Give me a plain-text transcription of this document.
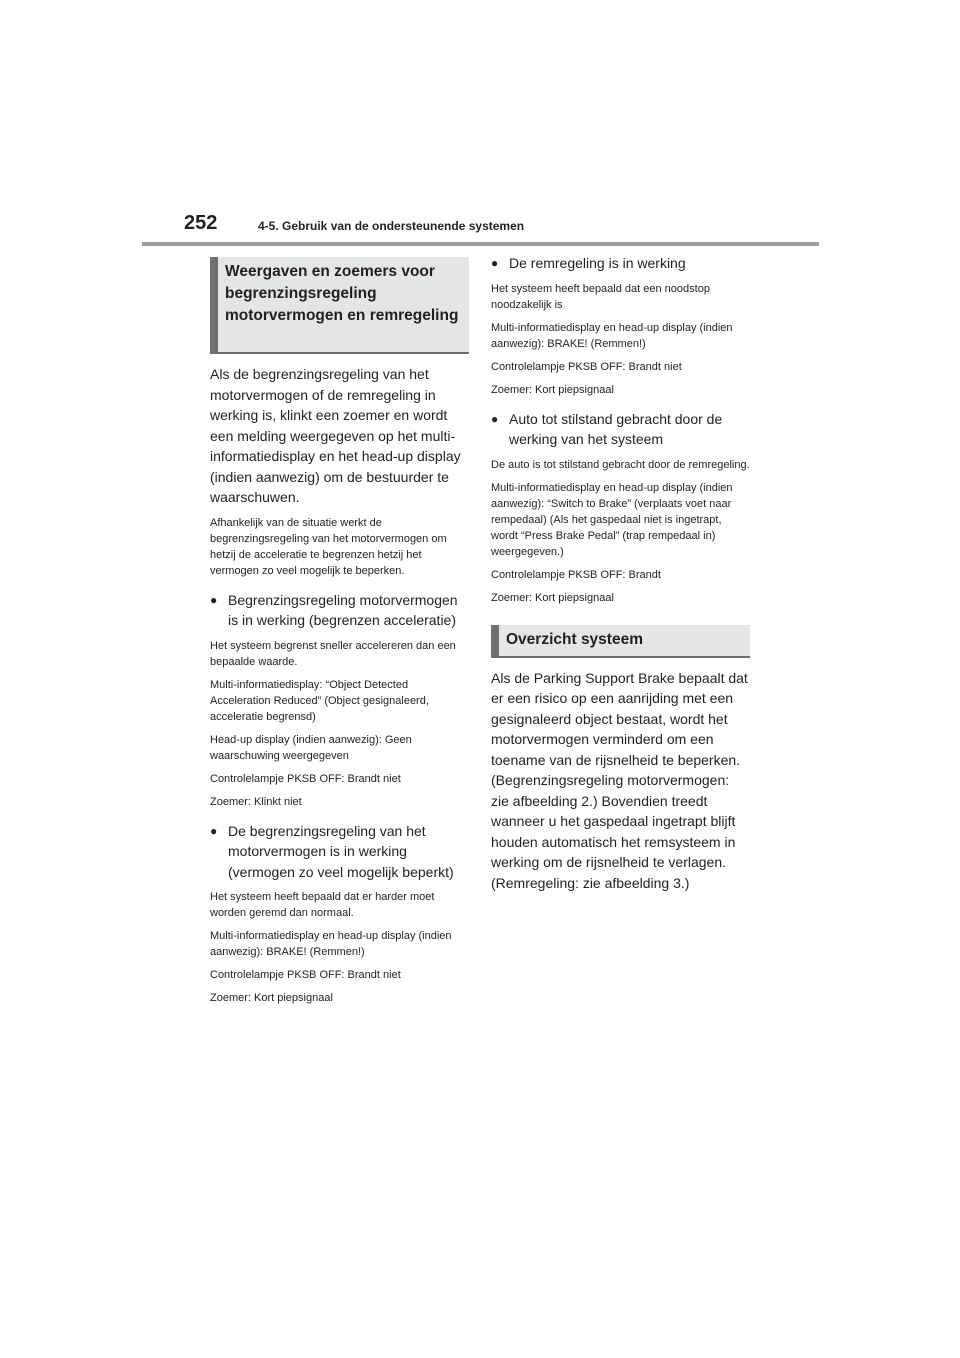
252	4-5. Gebruik van de ondersteunende systemen
Weergaven en zoemers voor begrenzingsregeling motorvermogen en remregeling

Als de begrenzingsregeling van het motorvermogen of de remregeling in werking is, klinkt een zoemer en wordt een melding weergegeven op het multi-informatiedisplay en het head-up display (indien aanwezig) om de bestuurder te waarschuwen.

Afhankelijk van de situatie werkt de begrenzingsregeling van het motorvermogen om hetzij de acceleratie te begrenzen hetzij het vermogen zo veel mogelijk te beperken.

● Begrenzingsregeling motorvermogen is in werking (begrenzen acceleratie)

Het systeem begrenst sneller accelereren dan een bepaalde waarde.

Multi-informatiedisplay: “Object Detected Acceleration Reduced” (Object gesignaleerd, acceleratie begrensd)

Head-up display (indien aanwezig): Geen waarschuwing weergegeven

Controlelampje PKSB OFF: Brandt niet

Zoemer: Klinkt niet

● De begrenzingsregeling van het motorvermogen is in werking (vermogen zo veel mogelijk beperkt)

Het systeem heeft bepaald dat er harder moet worden geremd dan normaal.

Multi-informatiedisplay en head-up display (indien aanwezig): BRAKE! (Remmen!)

Controlelampje PKSB OFF: Brandt niet

Zoemer: Kort piepsignaal

● De remregeling is in werking

Het systeem heeft bepaald dat een noodstop noodzakelijk is

Multi-informatiedisplay en head-up display (indien aanwezig): BRAKE! (Remmen!)

Controlelampje PKSB OFF: Brandt niet

Zoemer: Kort piepsignaal

● Auto tot stilstand gebracht door de werking van het systeem

De auto is tot stilstand gebracht door de remregeling.

Multi-informatiedisplay en head-up display (indien aanwezig): “Switch to Brake” (verplaats voet naar rempedaal) (Als het gaspedaal niet is ingetrapt, wordt “Press Brake Pedal” (trap rempedaal in) weergegeven.)

Controlelampje PKSB OFF: Brandt

Zoemer: Kort piepsignaal

Overzicht systeem

Als de Parking Support Brake bepaalt dat er een risico op een aanrijding met een gesignaleerd object bestaat, wordt het motorvermogen verminderd om een toename van de rijsnelheid te beperken. (Begrenzingsregeling motorvermogen: zie afbeelding 2.) Bovendien treedt wanneer u het gaspedaal ingetrapt blijft houden automatisch het remsysteem in werking om de rijsnelheid te verlagen. (Remregeling: zie afbeelding 3.)
